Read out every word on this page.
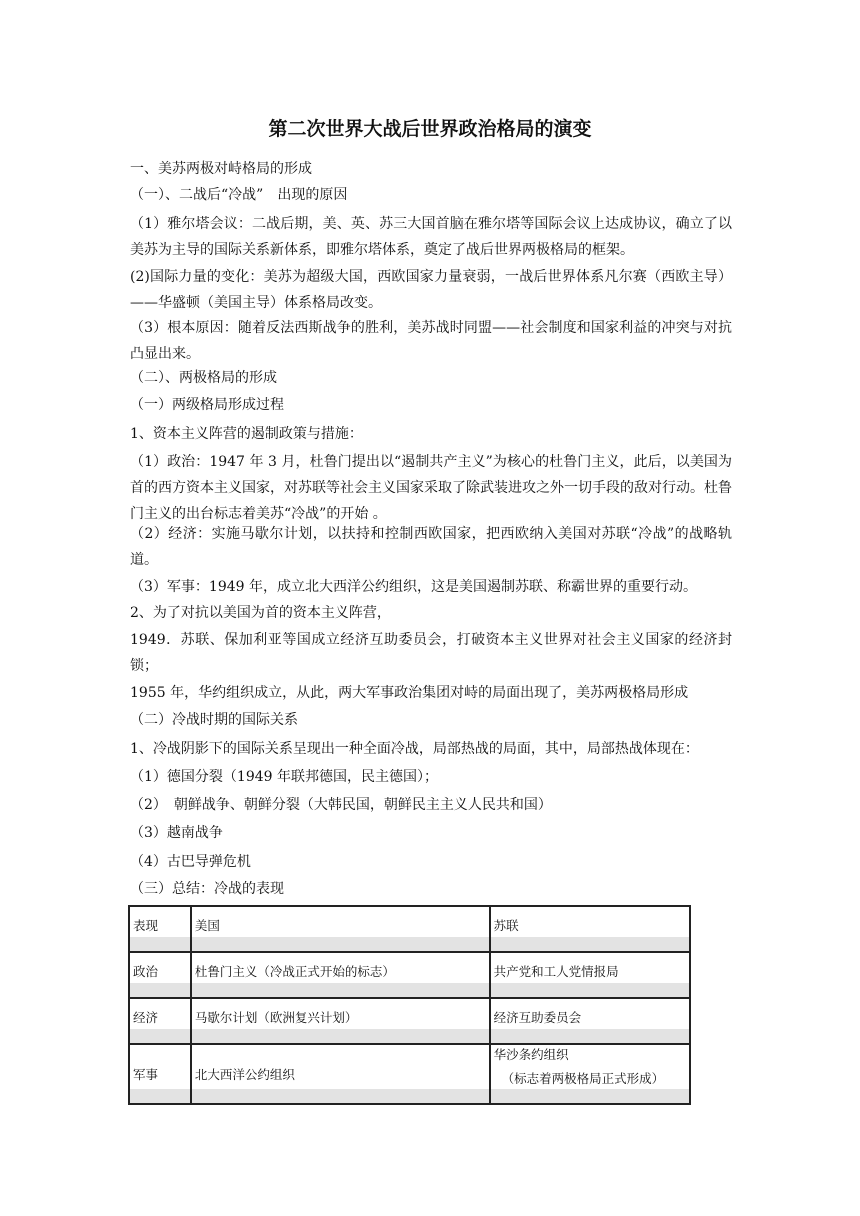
第二次世界大战后世界政治格局的演变
一、美苏两极对峙格局的形成
（一）、二战后“冷战”　出现的原因
（1）雅尔塔会议：二战后期，美、英、苏三大国首脑在雅尔塔等国际会议上达成协议，确立了以美苏为主导的国际关系新体系，即雅尔塔体系，奠定了战后世界两极格局的框架。
(2)国际力量的变化：美苏为超级大国，西欧国家力量衰弱，一战后世界体系凡尔赛（西欧主导）——华盛顿（美国主导）体系格局改变。
（3）根本原因：随着反法西斯战争的胜利，美苏战时同盟——社会制度和国家利益的冲突与对抗凸显出来。
（二）、两极格局的形成
（一）两级格局形成过程
1、资本主义阵营的遏制政策与措施：
（1）政治：1947 年 3 月，杜鲁门提出以“遏制共产主义”为核心的杜鲁门主义，此后，以美国为首的西方资本主义国家，对苏联等社会主义国家采取了除武装进攻之外一切手段的敌对行动。杜鲁门主义的出台标志着美苏“冷战”的开始 。
（2）经济：实施马歇尔计划，以扶持和控制西欧国家，把西欧纳入美国对苏联“冷战”的战略轨道。
（3）军事：1949 年，成立北大西洋公约组织，这是美国遏制苏联、称霸世界的重要行动。
2、为了对抗以美国为首的资本主义阵营，
1949．苏联、保加利亚等国成立经济互助委员会，打破资本主义世界对社会主义国家的经济封锁；
1955 年，华约组织成立，从此，两大军事政治集团对峙的局面出现了，美苏两极格局形成
（二）冷战时期的国际关系
1、冷战阴影下的国际关系呈现出一种全面冷战，局部热战的局面，其中，局部热战体现在：
（1）德国分裂（1949 年联邦德国，民主德国）；
（2）　朝鲜战争、朝鲜分裂（大韩民国，朝鲜民主主义人民共和国）
（3）越南战争
（4）古巴导弹危机
（三）总结：冷战的表现
表现	美国	苏联

政治	杜鲁门主义（冷战正式开始的标志）	共产党和工人党情报局

经济	马歇尔计划（欧洲复兴计划）	经济互助委员会

军事	北大西洋公约组织	华沙条约组织
（标志着两极格局正式形成）
